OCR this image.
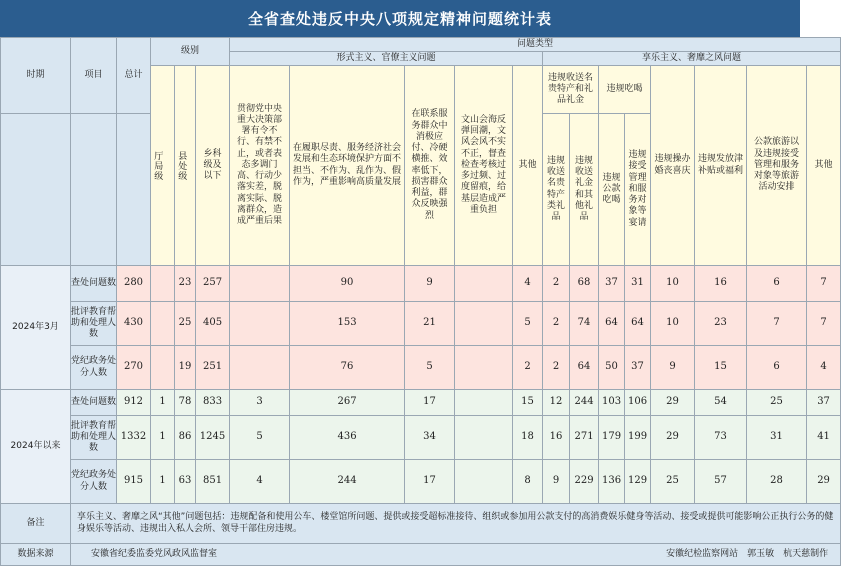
全省查处违反中央八项规定精神问题统计表
时期	项目	总计	级别			问题类型												
						形式主义、官僚主义问题					享乐主义、奢靡之风问题							

			厅局级	县处级	乡科级及以下	贯彻党中央重大决策部署有令不行、有禁不止，或者表态多调门高、行动少落实差，脱离实际、脱离群众，造成严重后果	在履职尽责、服务经济社会发展和生态环境保护方面不担当、不作为、乱作为、假作为，严重影响高质量发展	在联系服务群众中消极应付、冷硬横推、效率低下，损害群众利益，群众反映强烈	文山会海反弹回潮，文风会风不实不正，督查检查考核过多过频、过度留痕，给基层造成严重负担	其他	违规收送名贵特产和礼品礼金		违规吃喝		违规操办婚丧喜庆	违规发放津补贴或福利	公款旅游以及违规接受管理和服务对象等旅游活动安排	其他

											违规收送名贵特产类礼品	违规收送礼金和其他礼品	违规公款吃喝	违规接受管理和服务对象等宴请				

2024年3月	查处问题数	280		23	257		90	9		4	2	68	37	31	10	16	6	7
	批评教育帮助和处理人数	430		25	405		153	21		5	2	74	64	64	10	23	7	7
	党纪政务处分人数	270		19	251		76	5		2	2	64	50	37	9	15	6	4
2024年以来	查处问题数	912	1	78	833	3	267	17		15	12	244	103	106	29	54	25	37
	批评教育帮助和处理人数	1332	1	86	1245	5	436	34		18	16	271	179	199	29	73	31	41
	党纪政务处分人数	915	1	63	851	4	244	17		8	9	229	136	129	25	57	28	29
备注	享乐主义、奢靡之风“其他”问题包括：违规配备和使用公车、楼堂馆所问题、提供或接受超标准接待、组织或参加用公款支付的高消费娱乐健身等活动、接受或提供可能影响公正执行公务的健身娱乐等活动、违规出入私人会所、领导干部住房违规。																	
数据来源	安徽省纪委监委党风政风监督室 安徽纪检监察网站　郭玉敏　杭天慈制作																	
